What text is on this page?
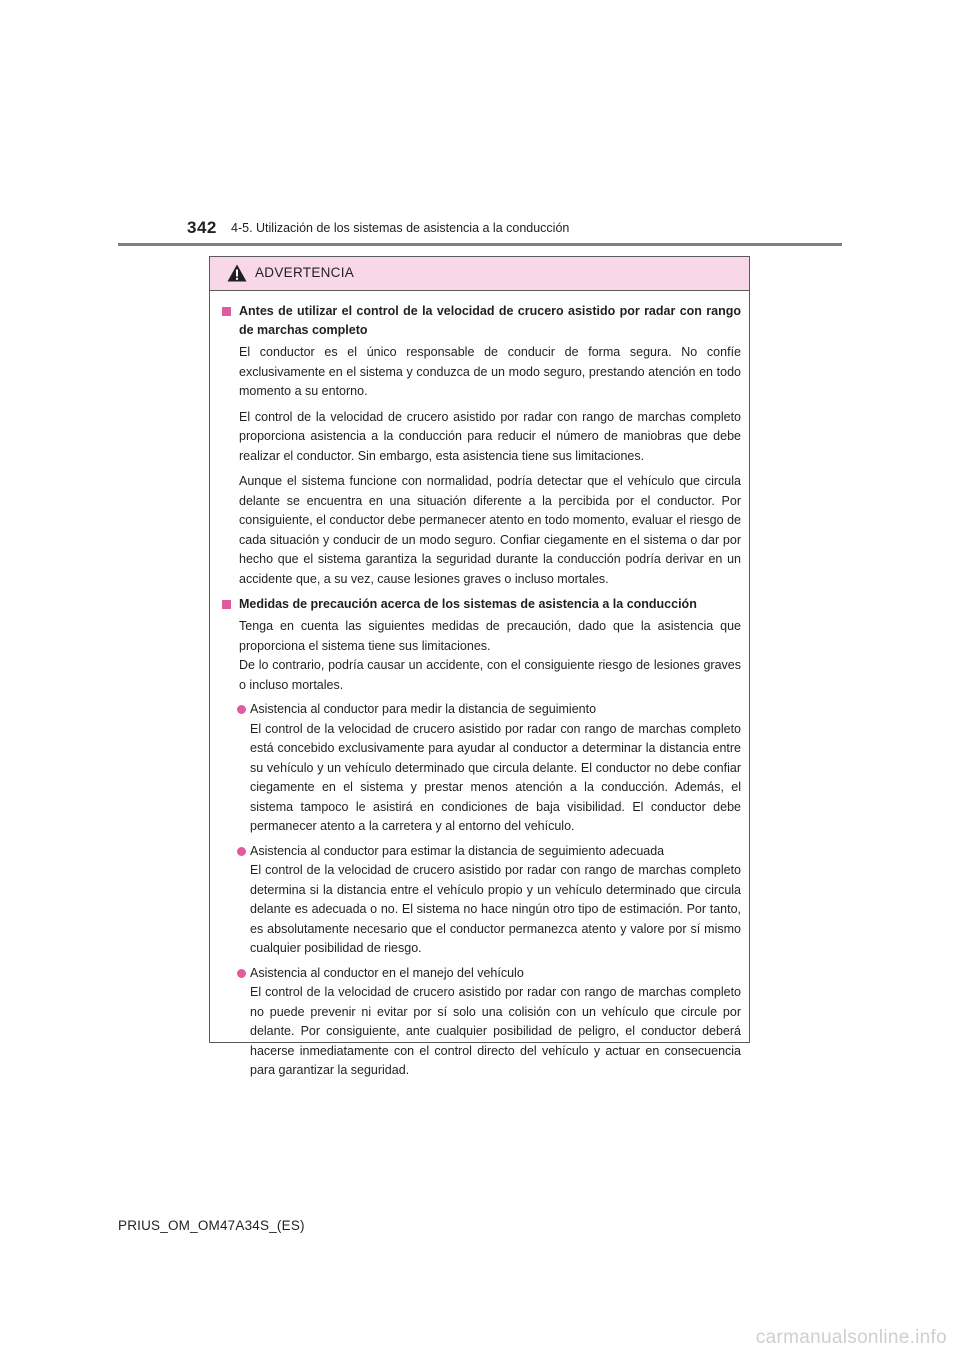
342 4-5. Utilización de los sistemas de asistencia a la conducción
ADVERTENCIA
Antes de utilizar el control de la velocidad de crucero asistido por radar con rango de marchas completo
El conductor es el único responsable de conducir de forma segura. No confíe exclusivamente en el sistema y conduzca de un modo seguro, prestando atención en todo momento a su entorno.
El control de la velocidad de crucero asistido por radar con rango de marchas completo proporciona asistencia a la conducción para reducir el número de maniobras que debe realizar el conductor. Sin embargo, esta asistencia tiene sus limitaciones.
Aunque el sistema funcione con normalidad, podría detectar que el vehículo que circula delante se encuentra en una situación diferente a la percibida por el conductor. Por consiguiente, el conductor debe permanecer atento en todo momento, evaluar el riesgo de cada situación y conducir de un modo seguro. Confiar ciegamente en el sistema o dar por hecho que el sistema garantiza la seguridad durante la conducción podría derivar en un accidente que, a su vez, cause lesiones graves o incluso mortales.
Medidas de precaución acerca de los sistemas de asistencia a la conducción
Tenga en cuenta las siguientes medidas de precaución, dado que la asistencia que proporciona el sistema tiene sus limitaciones.
De lo contrario, podría causar un accidente, con el consiguiente riesgo de lesiones graves o incluso mortales.
Asistencia al conductor para medir la distancia de seguimiento
El control de la velocidad de crucero asistido por radar con rango de marchas completo está concebido exclusivamente para ayudar al conductor a determinar la distancia entre su vehículo y un vehículo determinado que circula delante. El conductor no debe confiar ciegamente en el sistema y prestar menos atención a la conducción. Además, el sistema tampoco le asistirá en condiciones de baja visibilidad. El conductor debe permanecer atento a la carretera y al entorno del vehículo.
Asistencia al conductor para estimar la distancia de seguimiento adecuada
El control de la velocidad de crucero asistido por radar con rango de marchas completo determina si la distancia entre el vehículo propio y un vehículo determinado que circula delante es adecuada o no. El sistema no hace ningún otro tipo de estimación. Por tanto, es absolutamente necesario que el conductor permanezca atento y valore por sí mismo cualquier posibilidad de riesgo.
Asistencia al conductor en el manejo del vehículo
El control de la velocidad de crucero asistido por radar con rango de marchas completo no puede prevenir ni evitar por sí solo una colisión con un vehículo que circule por delante. Por consiguiente, ante cualquier posibilidad de peligro, el conductor deberá hacerse inmediatamente con el control directo del vehículo y actuar en consecuencia para garantizar la seguridad.
PRIUS_OM_OM47A34S_(ES)
carmanualsonline.info
